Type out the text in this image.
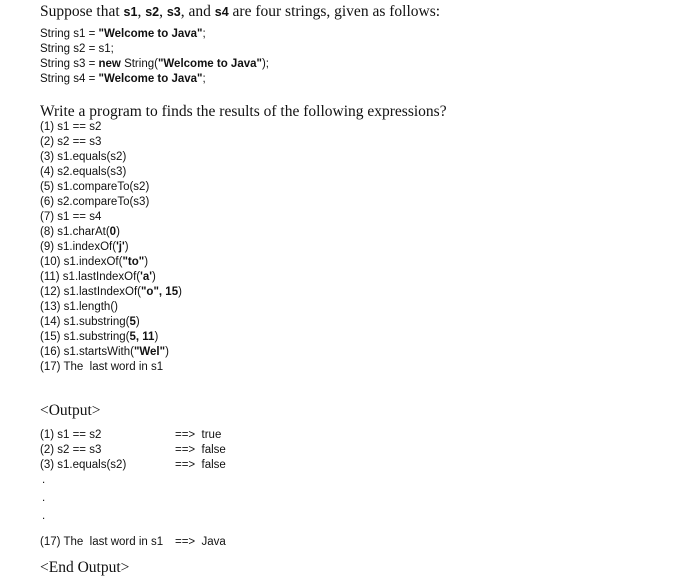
Suppose that s1, s2, s3, and s4 are four strings, given as follows:
String s1 = "Welcome to Java";
String s2 = s1;
String s3 = new String("Welcome to Java");
String s4 = "Welcome to Java";
Write a program to finds the results of the following expressions?
(1) s1 == s2
(2) s2 == s3
(3) s1.equals(s2)
(4) s2.equals(s3)
(5) s1.compareTo(s2)
(6) s2.compareTo(s3)
(7) s1 == s4
(8) s1.charAt(0)
(9) s1.indexOf('j')
(10) s1.indexOf("to")
(11) s1.lastIndexOf('a')
(12) s1.lastIndexOf("o", 15)
(13) s1.length()
(14) s1.substring(5)
(15) s1.substring(5, 11)
(16) s1.startsWith("Wel")
(17) The  last word in s1
<Output>
(1) s1 == s2	==>  true
(2) s2 == s3	==>  false
(3) s1.equals(s2)	==>  false
.
.
.
(17) The  last word in s1 ==>  Java
<End Output>
